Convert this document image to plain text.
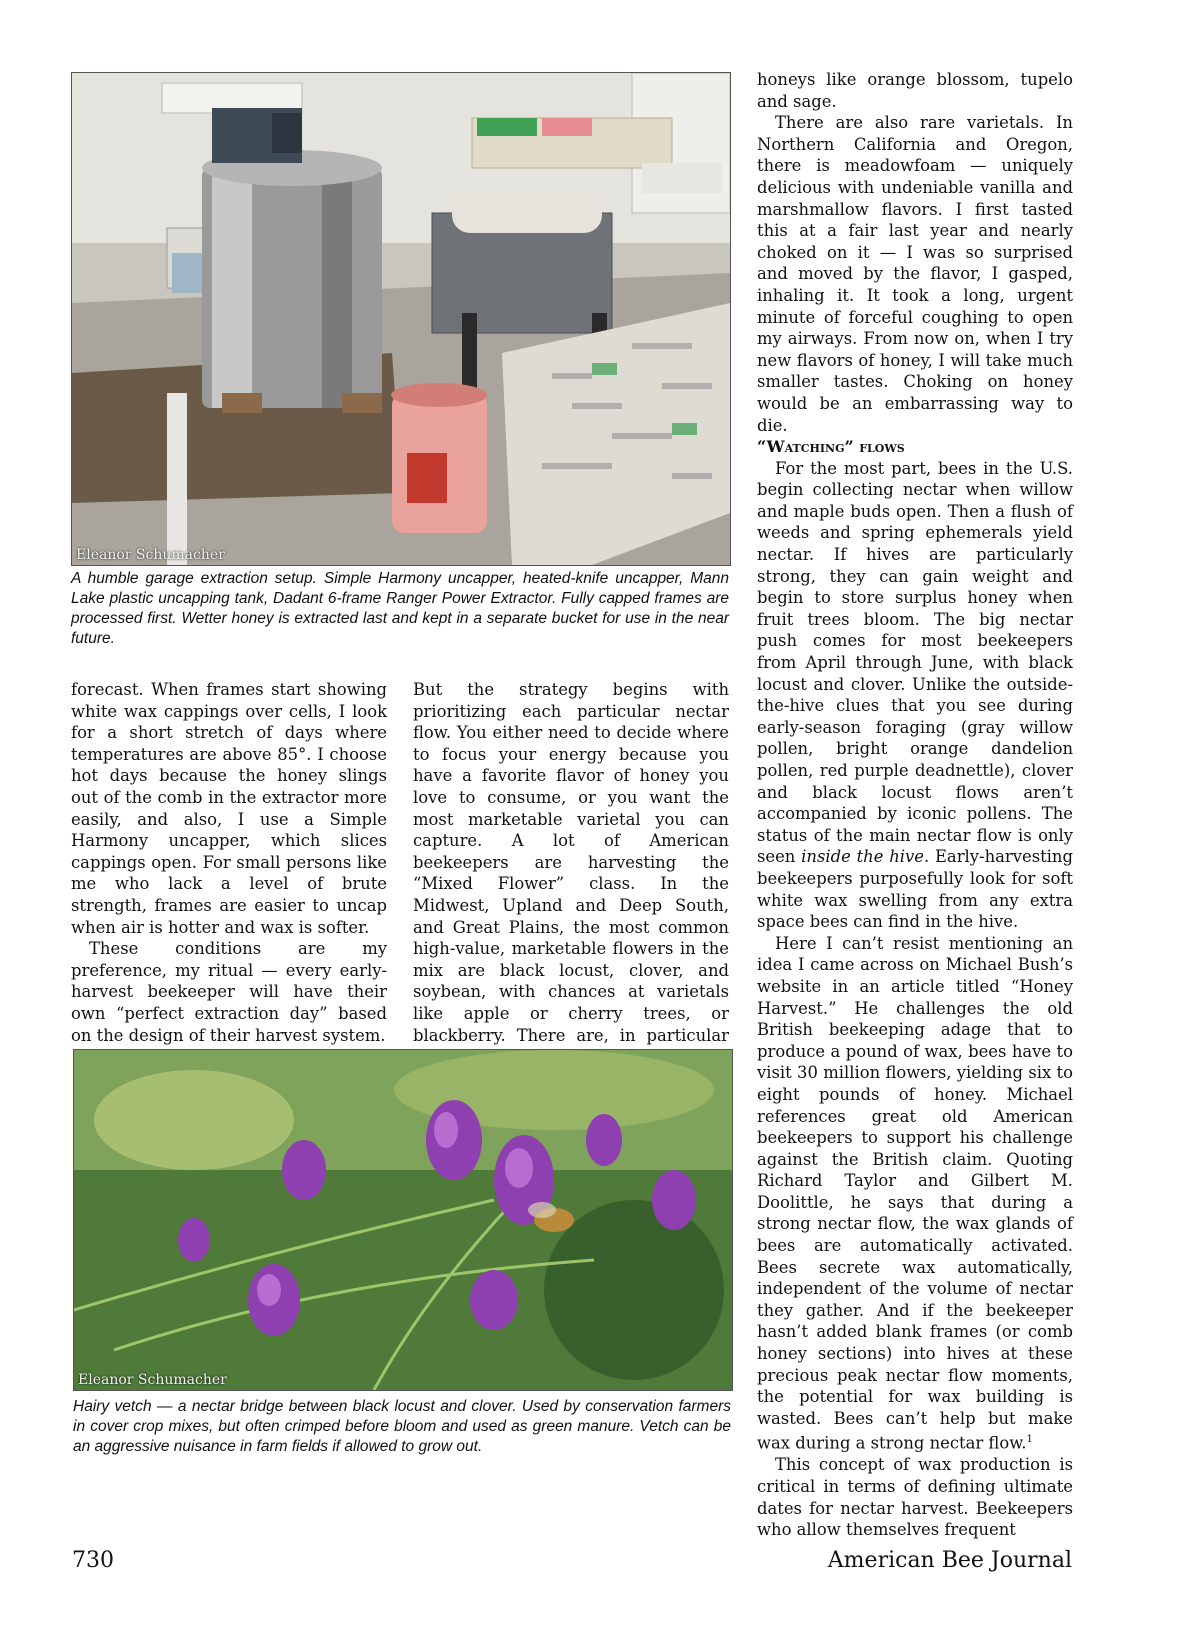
Eleanor Schumacher
A humble garage extraction setup. Simple Harmony uncapper, heated-knife uncapper, Mann Lake plastic uncapping tank, Dadant 6-frame Ranger Power Extractor. Fully capped frames are processed first. Wetter honey is extracted last and kept in a separate bucket for use in the near future.

forecast. When frames start showing white wax cappings over cells, I look for a short stretch of days where temperatures are above 85°. I choose hot days because the honey slings out of the comb in the extractor more easily, and also, I use a Simple Harmony uncapper, which slices cappings open. For small persons like me who lack a level of brute strength, frames are easier to uncap when air is hotter and wax is softer.

These conditions are my preference, my ritual — every early-harvest beekeeper will have their own “perfect extraction day” based on the design of their harvest system.

But the strategy begins with prioritizing each particular nectar flow. You either need to decide where to focus your energy because you have a favorite flavor of honey you love to consume, or you want the most marketable varietal you can capture. A lot of American beekeepers are harvesting the “Mixed Flower” class. In the Midwest, Upland and Deep South, and Great Plains, the most common high-value, marketable flowers in the mix are black locust, clover, and soybean, with chances at varietals like apple or cherry trees, or blackberry. There are, in particular

Eleanor Schumacher
Hairy vetch — a nectar bridge between black locust and clover. Used by conservation farmers in cover crop mixes, but often crimped before bloom and used as green manure. Vetch can be an aggressive nuisance in farm fields if allowed to grow out.

honeys like orange blossom, tupelo and sage.

There are also rare varietals. In Northern California and Oregon, there is meadowfoam — uniquely delicious with undeniable vanilla and marshmallow flavors. I first tasted this at a fair last year and nearly choked on it — I was so surprised and moved by the flavor, I gasped, inhaling it. It took a long, urgent minute of forceful coughing to open my airways. From now on, when I try new flavors of honey, I will take much smaller tastes. Choking on honey would be an embarrassing way to die.

“Watching” flows

For the most part, bees in the U.S. begin collecting nectar when willow and maple buds open. Then a flush of weeds and spring ephemerals yield nectar. If hives are particularly strong, they can gain weight and begin to store surplus honey when fruit trees bloom. The big nectar push comes for most beekeepers from April through June, with black locust and clover. Unlike the outside-the-hive clues that you see during early-season foraging (gray willow pollen, bright orange dandelion pollen, red purple deadnettle), clover and black locust flows aren’t accompanied by iconic pollens. The status of the main nectar flow is only seen inside the hive. Early-harvesting beekeepers purposefully look for soft white wax swelling from any extra space bees can find in the hive.

Here I can’t resist mentioning an idea I came across on Michael Bush’s website in an article titled “Honey Harvest.” He challenges the old British beekeeping adage that to produce a pound of wax, bees have to visit 30 million flowers, yielding six to eight pounds of honey. Michael references great old American beekeepers to support his challenge against the British claim. Quoting Richard Taylor and Gilbert M. Doolittle, he says that during a strong nectar flow, the wax glands of bees are automatically activated. Bees secrete wax automatically, independent of the volume of nectar they gather. And if the beekeeper hasn’t added blank frames (or comb honey sections) into hives at these precious peak nectar flow moments, the potential for wax building is wasted. Bees can’t help but make wax during a strong nectar flow.$^1$

This concept of wax production is critical in terms of defining ultimate dates for nectar harvest. Beekeepers who allow themselves frequent

730	American Bee Journal
